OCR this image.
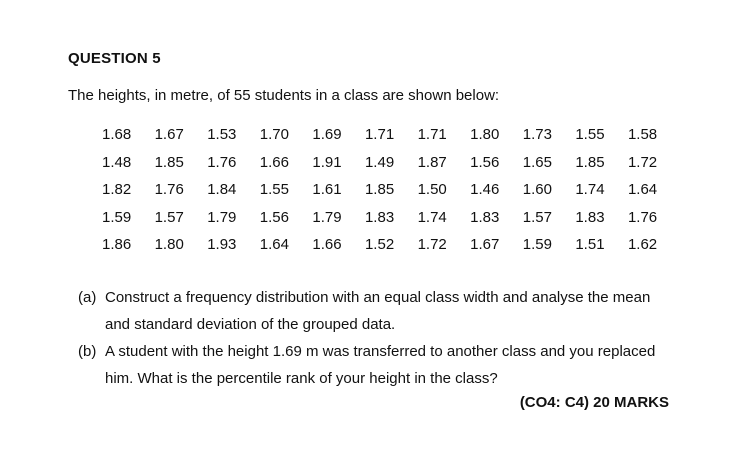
QUESTION 5
The heights, in metre, of 55 students in a class are shown below:
1.68	1.67	1.53	1.70	1.69	1.71	1.71	1.80	1.73	1.55	1.58
1.48	1.85	1.76	1.66	1.91	1.49	1.87	1.56	1.65	1.85	1.72
1.82	1.76	1.84	1.55	1.61	1.85	1.50	1.46	1.60	1.74	1.64
1.59	1.57	1.79	1.56	1.79	1.83	1.74	1.83	1.57	1.83	1.76
1.86	1.80	1.93	1.64	1.66	1.52	1.72	1.67	1.59	1.51	1.62
(a) Construct a frequency distribution with an equal class width and analyse the mean and standard deviation of the grouped data.
(b) A student with the height 1.69 m was transferred to another class and you replaced him. What is the percentile rank of your height in the class?
(CO4: C4) 20 MARKS
